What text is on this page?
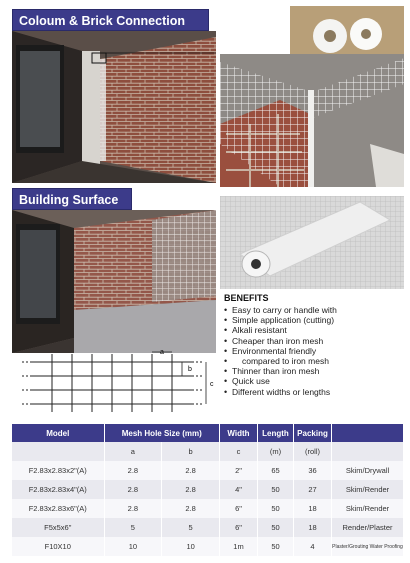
Coloum & Brick Connection
Building Surface
BENEFITS
• Easy to carry or handle with
• Simple application (cutting)
• Alkali resistant
• Cheaper than iron mesh
• Environmental friendly
• compared to iron mesh
• Thinner than iron mesh
• Quick use
• Different widths or lengths
a
b
c
Model	Mesh Hole Size (mm)		Width	Length	Packing	
	a	b	c	(m)	(roll)	
F2.83x2.83x2"(A)	2.8	2.8	2"	65	36	Skim/Drywall
F2.83x2.83x4"(A)	2.8	2.8	4"	50	27	Skim/Render
F2.83x2.83x6"(A)	2.8	2.8	6"	50	18	Skim/Render
F5x5x6"	5	5	6"	50	18	Render/Plaster
F10X10	10	10	1m	50	4	Plaster/Grouting Water Proofing
